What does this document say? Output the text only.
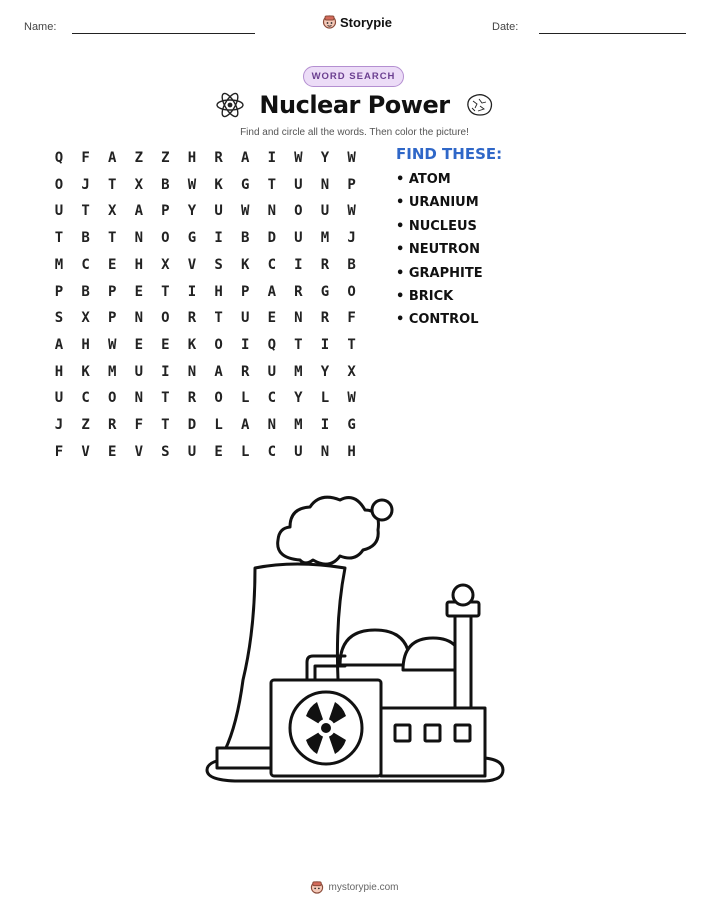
Name:	Storypie	Date:
WORD SEARCH
Nuclear Power
Find and circle all the words. Then color the picture!
Q	F	A	Z	Z	H	R	A	I	W	Y	W
O	J	T	X	B	W	K	G	T	U	N	P
U	T	X	A	P	Y	U	W	N	O	U	W
T	B	T	N	O	G	I	B	D	U	M	J
M	C	E	H	X	V	S	K	C	I	R	B
P	B	P	E	T	I	H	P	A	R	G	O
S	X	P	N	O	R	T	U	E	N	R	F
A	H	W	E	E	K	O	I	Q	T	I	T
H	K	M	U	I	N	A	R	U	M	Y	X
U	C	O	N	T	R	O	L	C	Y	L	W
J	Z	R	F	T	D	L	A	N	M	I	G
F	V	E	V	S	U	E	L	C	U	N	H
FIND THESE:
• ATOM
• URANIUM
• NUCLEUS
• NEUTRON
• GRAPHITE
• BRICK
• CONTROL
mystorypie.com
